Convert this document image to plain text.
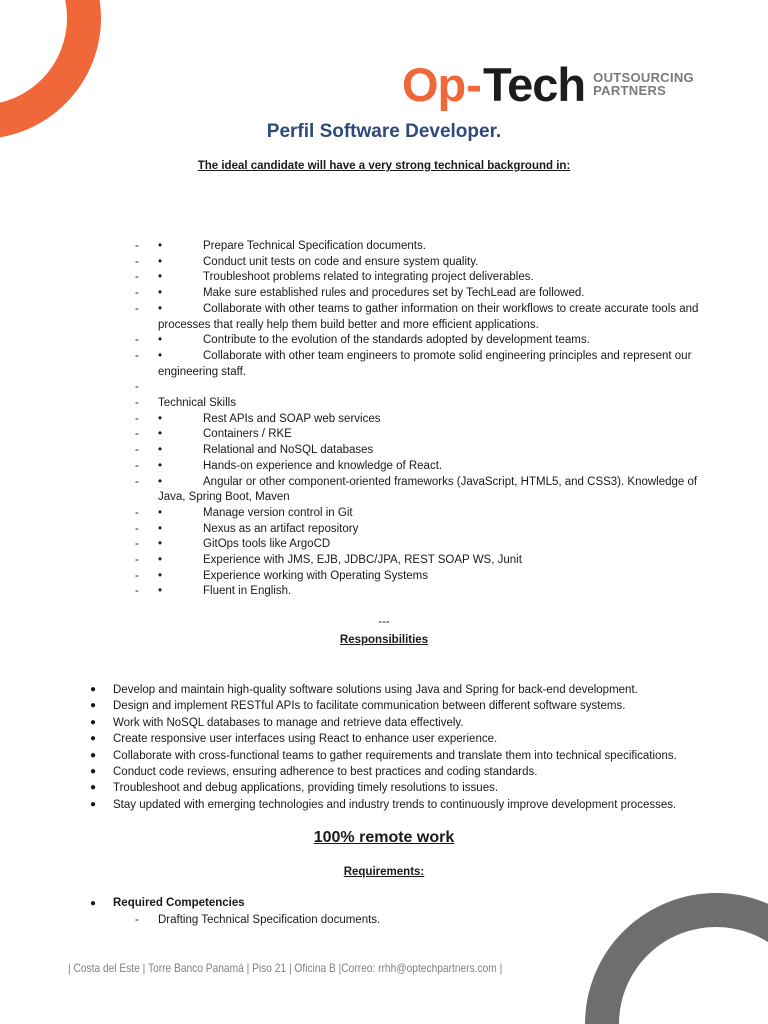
Op - Tech OUTSOURCING
PARTNERS
Perfil Software Developer.
The ideal candidate will have a very strong technical background in:
- •	Prepare Technical Specification documents.
- •	Conduct unit tests on code and ensure system quality.
- •	Troubleshoot problems related to integrating project deliverables.
- •	Make sure established rules and procedures set by TechLead are followed.
- •	Collaborate with other teams to gather information on their workflows to create accurate tools and processes that really help them build better and more efficient applications.
- •	Contribute to the evolution of the standards adopted by development teams.
- •	Collaborate with other team engineers to promote solid engineering principles and represent our engineering staff.
-

- Technical Skills
- •	Rest APIs and SOAP web services
- •	Containers / RKE
- •	Relational and NoSQL databases
- •	Hands-on experience and knowledge of React.
- •	Angular or other component-oriented frameworks (JavaScript, HTML5, and CSS3). Knowledge of Java, Spring Boot, Maven
- •	Manage version control in Git
- •	Nexus as an artifact repository
- •	GitOps tools like ArgoCD
- •	Experience with JMS, EJB, JDBC/JPA, REST SOAP WS, Junit
- •	Experience working with Operating Systems
- •	Fluent in English.
---
Responsibilities
● Develop and maintain high-quality software solutions using Java and Spring for back-end development.
● Design and implement RESTful APIs to facilitate communication between different software systems.
● Work with NoSQL databases to manage and retrieve data effectively.
● Create responsive user interfaces using React to enhance user experience.
● Collaborate with cross-functional teams to gather requirements and translate them into technical specifications.
● Conduct code reviews, ensuring adherence to best practices and coding standards.
● Troubleshoot and debug applications, providing timely resolutions to issues.
● Stay updated with emerging technologies and industry trends to continuously improve development processes.
100% remote work
Requirements:
● Required Competencies
- Drafting Technical Specification documents.
| Costa del Este | Torre Banco Panamá | Piso 21 | Oficina B |Correo: rrhh@optechpartners.com |
